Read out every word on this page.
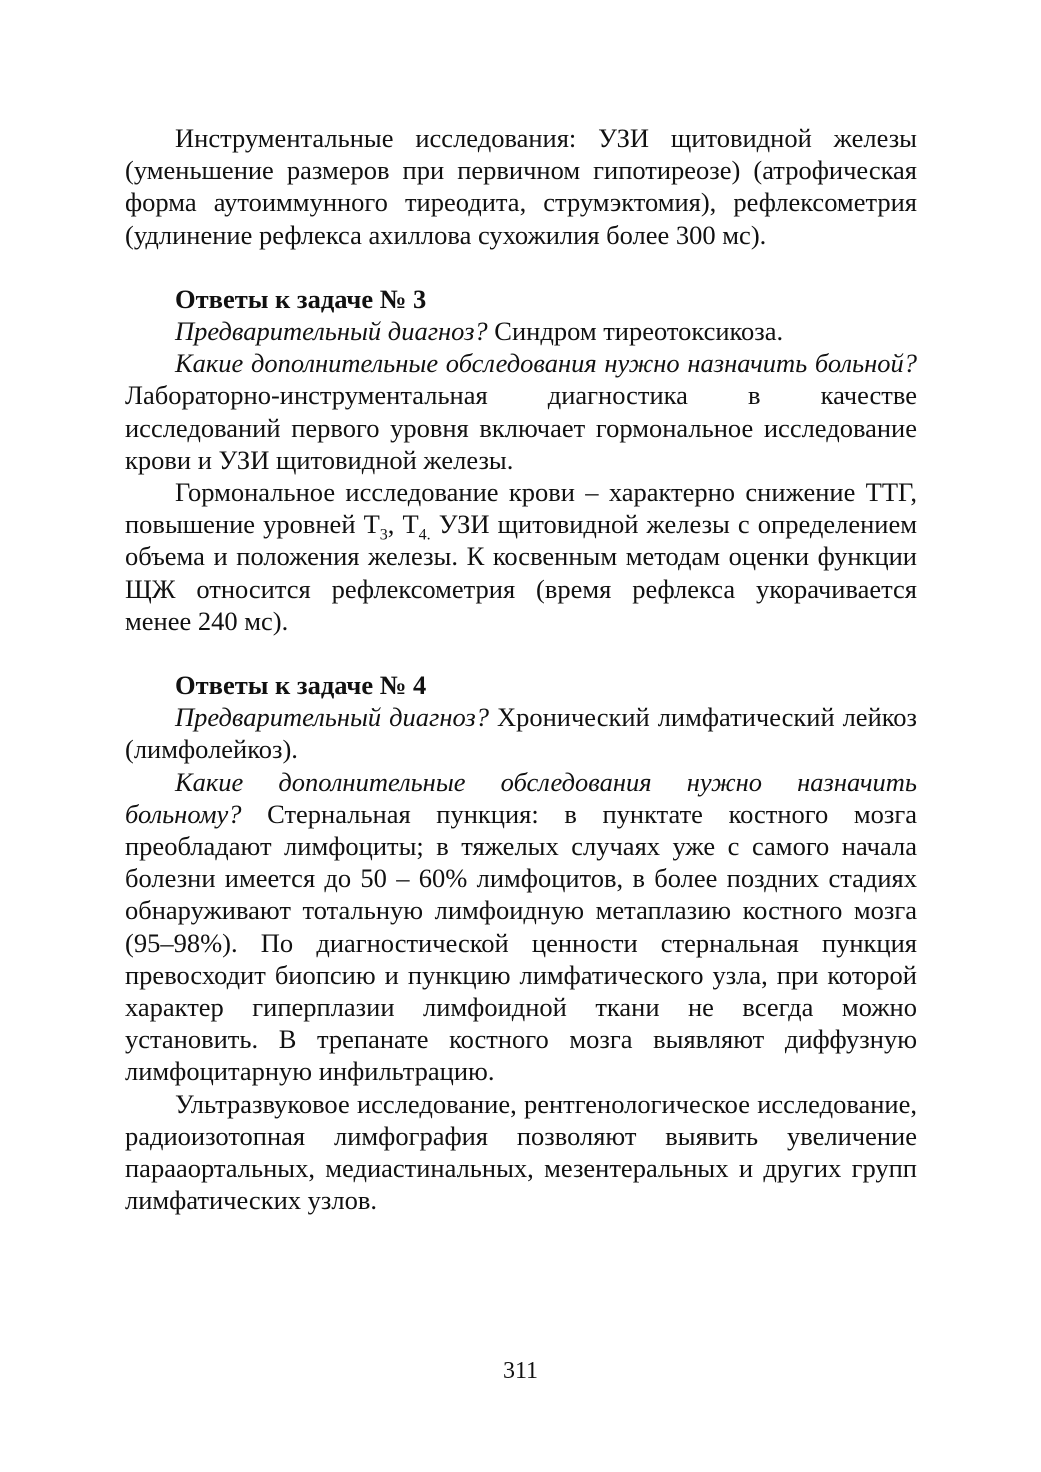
Инструментальные исследования: УЗИ щитовидной железы (уменьшение размеров при первичном гипотиреозе) (атрофическая форма аутоиммунного тиреодита, струмэктомия), рефлексометрия (удлинение рефлекса ахиллова сухожилия более 300 мс).

Ответы к задаче № 3

Предварительный диагноз? Синдром тиреотоксикоза.

Какие дополнительные обследования нужно назначить больной? Лабораторно-инструментальная диагностика в качестве исследований первого уровня включает гормональное исследование крови и УЗИ щитовидной железы.

Гормональное исследование крови – характерно снижение ТТГ, повышение уровней $Т_3$, $Т_{4.}$ УЗИ щитовидной железы с определением объема и положения железы. К косвенным методам оценки функции ЩЖ относится рефлексометрия (время рефлекса укорачивается менее 240 мс).

Ответы к задаче № 4

Предварительный диагноз? Хронический лимфатический лейкоз (лимфолейкоз).

Какие дополнительные обследования нужно назначить больному? Стернальная пункция: в пунктате костного мозга преобладают лимфоциты; в тяжелых случаях уже с самого начала болезни имеется до 50 – 60% лимфоцитов, в более поздних стадиях обнаруживают тотальную лимфоидную метаплазию костного мозга (95–98%). По диагностической ценности стернальная пункция превосходит биопсию и пункцию лимфатического узла, при которой характер гиперплазии лимфоидной ткани не всегда можно установить. В трепанате костного мозга выявляют диффузную лимфоцитарную инфильтрацию.

Ультразвуковое исследование, рентгенологическое исследование, радиоизотопная лимфография позволяют выявить увеличение парааортальных, медиастинальных, мезентеральных и других групп лимфатических узлов.

311
